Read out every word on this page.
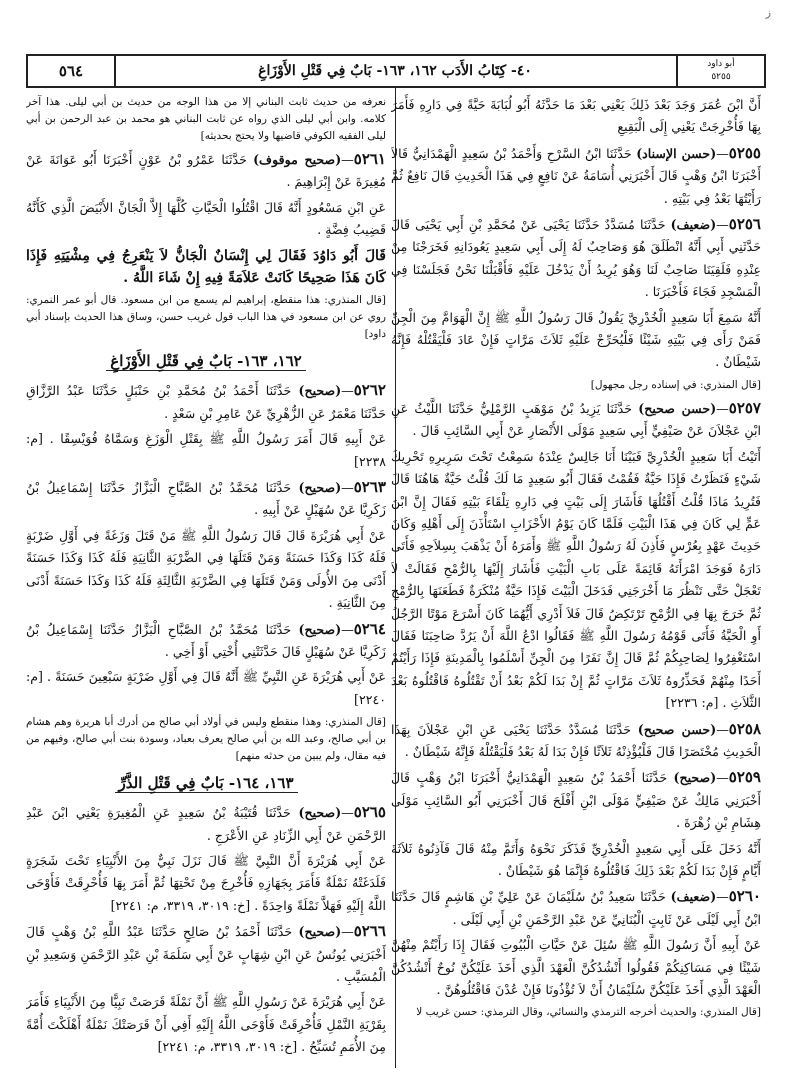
ز
أبو داود
٥٢٥٥
٤٠- كِتَابُ الأَدَب ١٦٢، ١٦٣- بَابٌ فِي قَتْلِ الأَوْزَاغِ
٥٦٤

أَنَّ ابْنَ عُمَرَ وَجَدَ بَعْدَ ذَلِكَ يَعْنِي بَعْدَ مَا حَدَّثَهُ أَبُو لُبَابَةَ حَيَّةً فِي دَارِهِ فَأَمَرَ بِهَا فَأُخْرِجَتْ يَعْنِي إِلَى الْبَقِيعِ

٥٢٥٥—(حسن الإسناد) حَدَّثَنَا ابْنُ السَّرْحِ وَأَحْمَدُ بْنُ سَعِيدٍ الْهَمْدَانِيُّ قَالاَ أَخْبَرَنَا ابْنُ وَهْبٍ قَالَ أَخْبَرَنِي أُسَامَةُ عَنْ نَافِعٍ فِي هَذَا الْحَدِيثِ قَالَ نَافِعٌ ثُمَّ رَأَيْتُهَا بَعْدُ فِي بَيْتِهِ .

٥٢٥٦—(ضعيف) حَدَّثَنَا مُسَدَّدٌ حَدَّثَنَا يَحْيَى عَنْ مُحَمَّدِ بْنِ أَبِي يَحْيَى قَالَ حَدَّثَنِي أَبِي أَنَّهُ انْطَلَقَ هُوَ وَصَاحِبٌ لَهُ إِلَى أَبِي سَعِيدٍ يَعُودَانِهِ فَخَرَجْنَا مِنْ عِنْدِهِ فَلَقِيَنَا صَاحِبٌ لَنَا وَهُوَ يُرِيدُ أَنْ يَدْخُلَ عَلَيْهِ فَأَقْبَلْنَا نَحْنُ فَجَلَسْنَا فِي الْمَسْجِدِ فَجَاءَ فَأَخْبَرَنَا .

أَنَّهُ سَمِعَ أَبَا سَعِيدٍ الْخُدْرِيَّ يَقُولُ قَالَ رَسُولُ اللَّهِ ﷺ إِنَّ الْهَوَامَّ مِنَ الْجِنِّ فَمَنْ رَأَى فِي بَيْتِهِ شَيْئًا فَلْيُحَرِّجْ عَلَيْهِ ثَلاَثَ مَرَّاتٍ فَإِنْ عَادَ فَلْيَقْتُلْهُ فَإِنَّهُ شَيْطَانٌ .

[قال المنذري: في إسناده رجل مجهول]

٥٢٥٧—(حسن صحيح) حَدَّثَنَا يَزِيدُ بْنُ مَوْهَبٍ الرَّمْلِيُّ حَدَّثَنَا اللَّيْثُ عَنِ ابْنِ عَجْلاَنَ عَنْ صَيْفِيٍّ أَبِي سَعِيدٍ مَوْلَى الأَنْصَارِ عَنْ أَبِي السَّائِبِ قَالَ .

أَتَيْتُ أَبَا سَعِيدٍ الْخُدْرِيَّ فَبَيْنَا أَنَا جَالِسٌ عِنْدَهُ سَمِعْتُ تَحْتَ سَرِيرِهِ تَحْرِيكَ شَيْءٍ فَنَظَرْتُ فَإِذَا حَيَّةٌ فَقُمْتُ فَقَالَ أَبُو سَعِيدٍ مَا لَكَ قُلْتُ حَيَّةٌ هَاهُنَا قَالَ فَتُرِيدُ مَاذَا قُلْتُ أَقْتُلُهَا فَأَشَارَ إِلَى بَيْتٍ فِي دَارِهِ تِلْقَاءَ بَيْتِهِ فَقَالَ إِنَّ ابْنَ عَمٍّ لِي كَانَ فِي هَذَا الْبَيْتِ فَلَمَّا كَانَ يَوْمُ الأَحْزَابِ اسْتَأْذَنَ إِلَى أَهْلِهِ وَكَانَ حَدِيثَ عَهْدٍ بِعُرْسٍ فَأَذِنَ لَهُ رَسُولُ اللَّهِ ﷺ وَأَمَرَهُ أَنْ يَذْهَبَ بِسِلاَحِهِ فَأَتَى دَارَهُ فَوَجَدَ امْرَأَتَهُ قَائِمَةً عَلَى بَابِ الْبَيْتِ فَأَشَارَ إِلَيْهَا بِالرُّمْحِ فَقَالَتْ لاَ تَعْجَلْ حَتَّى تَنْظُرَ مَا أَخْرَجَنِي فَدَخَلَ الْبَيْتَ فَإِذَا حَيَّةٌ مُنْكَرَةٌ فَطَعَنَهَا بِالرُّمْحِ ثُمَّ خَرَجَ بِهَا فِي الرُّمْحِ تَرْتَكِضُ قَالَ فَلاَ أَدْرِي أَيُّهُمَا كَانَ أَسْرَعَ مَوْتًا الرَّجُلُ أَوِ الْحَيَّةُ فَأَتَى قَوْمُهُ رَسُولَ اللَّهِ ﷺ فَقَالُوا ادْعُ اللَّهَ أَنْ يَرُدَّ صَاحِبَنَا فَقَالَ اسْتَغْفِرُوا لِصَاحِبِكُمْ ثُمَّ قَالَ إِنَّ نَفَرًا مِنَ الْجِنِّ أَسْلَمُوا بِالْمَدِينَةِ فَإِذَا رَأَيْتُمْ أَحَدًا مِنْهُمْ فَحَذِّرُوهُ ثَلاَثَ مَرَّاتٍ ثُمَّ إِنْ بَدَا لَكُمْ بَعْدُ أَنْ تَقْتُلُوهُ فَاقْتُلُوهُ بَعْدَ الثَّلاَثِ . [م: ٢٢٣٦]

٥٢٥٨—(حسن صحيح) حَدَّثَنَا مُسَدَّدٌ حَدَّثَنَا يَحْيَى عَنِ ابْنِ عَجْلاَنَ بِهَذَا الْحَدِيثِ مُخْتَصَرًا قَالَ فَلْيُؤْذِنْهُ ثَلاَثًا فَإِنْ بَدَا لَهُ بَعْدُ فَلْيَقْتُلْهُ فَإِنَّهُ شَيْطَانٌ .

٥٢٥٩—(صحيح) حَدَّثَنَا أَحْمَدُ بْنُ سَعِيدٍ الْهَمْدَانِيُّ أَخْبَرَنَا ابْنُ وَهْبٍ قَالَ أَخْبَرَنِي مَالِكٌ عَنْ صَيْفِيٍّ مَوْلَى ابْنِ أَفْلَحَ قَالَ أَخْبَرَنِي أَبُو السَّائِبِ مَوْلَى هِشَامِ بْنِ زُهْرَةَ .

أَنَّهُ دَخَلَ عَلَى أَبِي سَعِيدٍ الْخُدْرِيِّ فَذَكَرَ نَحْوَهُ وَأَتَمَّ مِنْهُ قَالَ فَآذِنُوهُ ثَلاَثَةَ أَيَّامٍ فَإِنْ بَدَا لَكُمْ بَعْدَ ذَلِكَ فَاقْتُلُوهُ فَإِنَّمَا هُوَ شَيْطَانٌ .

٥٢٦٠—(ضعيف) حَدَّثَنَا سَعِيدُ بْنُ سُلَيْمَانَ عَنْ عَلِيِّ بْنِ هَاشِمٍ قَالَ حَدَّثَنَا ابْنُ أَبِي لَيْلَى عَنْ ثَابِتٍ الْبُنَانِيِّ عَنْ عَبْدِ الرَّحْمَنِ بْنِ أَبِي لَيْلَى .

عَنْ أَبِيهِ أَنَّ رَسُولَ اللَّهِ ﷺ سُئِلَ عَنْ حَيَّاتِ الْبُيُوتِ فَقَالَ إِذَا رَأَيْتُمْ مِنْهُنَّ شَيْئًا فِي مَسَاكِنِكُمْ فَقُولُوا أَنْشُدُكُنَّ الْعَهْدَ الَّذِي أَخَذَ عَلَيْكُنَّ نُوحٌ أَنْشُدُكُنَّ الْعَهْدَ الَّذِي أَخَذَ عَلَيْكُنَّ سُلَيْمَانُ أَنْ لاَ تُؤْذُونَا فَإِنْ عُدْنَ فَاقْتُلُوهُنَّ .

[قال المنذري: والحديث أخرجه الترمذي والنسائي، وقال الترمذي: حسن غريب لا

نعرفه من حديث ثابت البناني إلا من هذا الوجه من حديث بن أبي ليلى. هذا آخر كلامه. وابن أبي ليلى الذي رواه عن ثابت البناني هو محمد بن عبد الرحمن بن أبي ليلى الفقيه الكوفي قاضيها ولا يحتج بحديثه]

٥٢٦١—(صحيح موقوف) حَدَّثَنَا عَمْرُو بْنُ عَوْنٍ أَخْبَرَنَا أَبُو عَوَانَةَ عَنْ مُغِيرَةَ عَنْ إِبْرَاهِيمَ .

عَنِ ابْنِ مَسْعُودٍ أَنَّهُ قَالَ اقْتُلُوا الْحَيَّاتِ كُلَّهَا إِلاَّ الْجَانَّ الأَبْيَضَ الَّذِي كَأَنَّهُ قَضِيبُ فِضَّةٍ .

قَالَ أَبُو دَاوُدَ فَقَالَ لِي إِنْسَانٌ الْجَانُّ لاَ يَنْعَرِجُ فِي مِشْيَتِهِ فَإِذَا كَانَ هَذَا صَحِيحًا كَانَتْ عَلاَمَةً فِيهِ إِنْ شَاءَ اللَّهُ .

[قال المنذري: هذا منقطع، إبراهيم لم يسمع من ابن مسعود. قال أبو عمر النمري: روي عن ابن مسعود في هذا الباب قول غريب حسن، وساق هذا الحديث بإسناد أبي داود]

١٦٢، ١٦٣- بَابٌ فِي قَتْلِ الأَوْزَاغِ

٥٢٦٢—(صحيح) حَدَّثَنَا أَحْمَدُ بْنُ مُحَمَّدِ بْنِ حَنْبَلٍ حَدَّثَنَا عَبْدُ الرَّزَّاقِ حَدَّثَنَا مَعْمَرٌ عَنِ الزُّهْرِيِّ عَنْ عَامِرِ بْنِ سَعْدٍ .

عَنْ أَبِيهِ قَالَ أَمَرَ رَسُولُ اللَّهِ ﷺ بِقَتْلِ الْوَزَغِ وَسَمَّاهُ فُوَيْسِقًا . [م: ٢٢٣٨]

٥٢٦٣—(صحيح) حَدَّثَنَا مُحَمَّدُ بْنُ الصَّبَّاحِ الْبَزَّازُ حَدَّثَنَا إِسْمَاعِيلُ بْنُ زَكَرِيَّا عَنْ سُهَيْلٍ عَنْ أَبِيهِ .

عَنْ أَبِي هُرَيْرَةَ قَالَ قَالَ رَسُولُ اللَّهِ ﷺ مَنْ قَتَلَ وَزَغَةً فِي أَوَّلِ ضَرْبَةٍ فَلَهُ كَذَا وَكَذَا حَسَنَةً وَمَنْ قَتَلَهَا فِي الضَّرْبَةِ الثَّانِيَةِ فَلَهُ كَذَا وَكَذَا حَسَنَةً أَدْنَى مِنَ الأُولَى وَمَنْ قَتَلَهَا فِي الضَّرْبَةِ الثَّالِثَةِ فَلَهُ كَذَا وَكَذَا حَسَنَةً أَدْنَى مِنَ الثَّانِيَةِ .

٥٢٦٤—(صحيح) حَدَّثَنَا مُحَمَّدُ بْنُ الصَّبَّاحِ الْبَزَّازُ حَدَّثَنَا إِسْمَاعِيلُ بْنُ زَكَرِيَّا عَنْ سُهَيْلٍ قَالَ حَدَّثَتْنِي أُخْتِي أَوْ أَخِي .

عَنْ أَبِي هُرَيْرَةَ عَنِ النَّبِيِّ ﷺ أَنَّهُ قَالَ فِي أَوَّلِ ضَرْبَةٍ سَبْعِينَ حَسَنَةً . [م: ٢٢٤٠]

[قال المنذري: وهذا منقطع وليس في أولاد أبي صالح من أدرك أبا هريرة وهم هشام بن أبي صالح، وعبد الله بن أبي صالح يعرف بعباد، وسودة بنت أبي صالح، وفيهم من فيه مقال، ولم يبين من حدثه منهم]

١٦٣، ١٦٤- بَابٌ فِي قَتْلِ الذَّرِّ

٥٢٦٥—(صحيح) حَدَّثَنَا قُتَيْبَةُ بْنُ سَعِيدٍ عَنِ الْمُغِيرَةِ يَعْنِي ابْنَ عَبْدِ الرَّحْمَنِ عَنْ أَبِي الزِّنَادِ عَنِ الأَعْرَجِ .

عَنْ أَبِي هُرَيْرَةَ أَنَّ النَّبِيَّ ﷺ قَالَ نَزَلَ نَبِيٌّ مِنَ الأَنْبِيَاءِ تَحْتَ شَجَرَةٍ فَلَدَغَتْهُ نَمْلَةٌ فَأَمَرَ بِجَهَازِهِ فَأُخْرِجَ مِنْ تَحْتِهَا ثُمَّ أَمَرَ بِهَا فَأُحْرِقَتْ فَأَوْحَى اللَّهُ إِلَيْهِ فَهَلاَّ نَمْلَةً وَاحِدَةً . [خ: ٣٠١٩، ٣٣١٩، م: ٢٢٤١]

٥٢٦٦—(صحيح) حَدَّثَنَا أَحْمَدُ بْنُ صَالِحٍ حَدَّثَنَا عَبْدُ اللَّهِ بْنُ وَهْبٍ قَالَ أَخْبَرَنِي يُونُسُ عَنِ ابْنِ شِهَابٍ عَنْ أَبِي سَلَمَةَ بْنِ عَبْدِ الرَّحْمَنِ وَسَعِيدِ بْنِ الْمُسَيَّبِ .

عَنْ أَبِي هُرَيْرَةَ عَنْ رَسُولِ اللَّهِ ﷺ أَنَّ نَمْلَةً قَرَصَتْ نَبِيًّا مِنَ الأَنْبِيَاءِ فَأَمَرَ بِقَرْيَةِ النَّمْلِ فَأُحْرِقَتْ فَأَوْحَى اللَّهُ إِلَيْهِ أَفِي أَنْ قَرَصَتْكَ نَمْلَةٌ أَهْلَكْتَ أُمَّةً مِنَ الأُمَمِ تُسَبِّحُ . [خ: ٣٠١٩، ٣٣١٩، م: ٢٢٤١]
